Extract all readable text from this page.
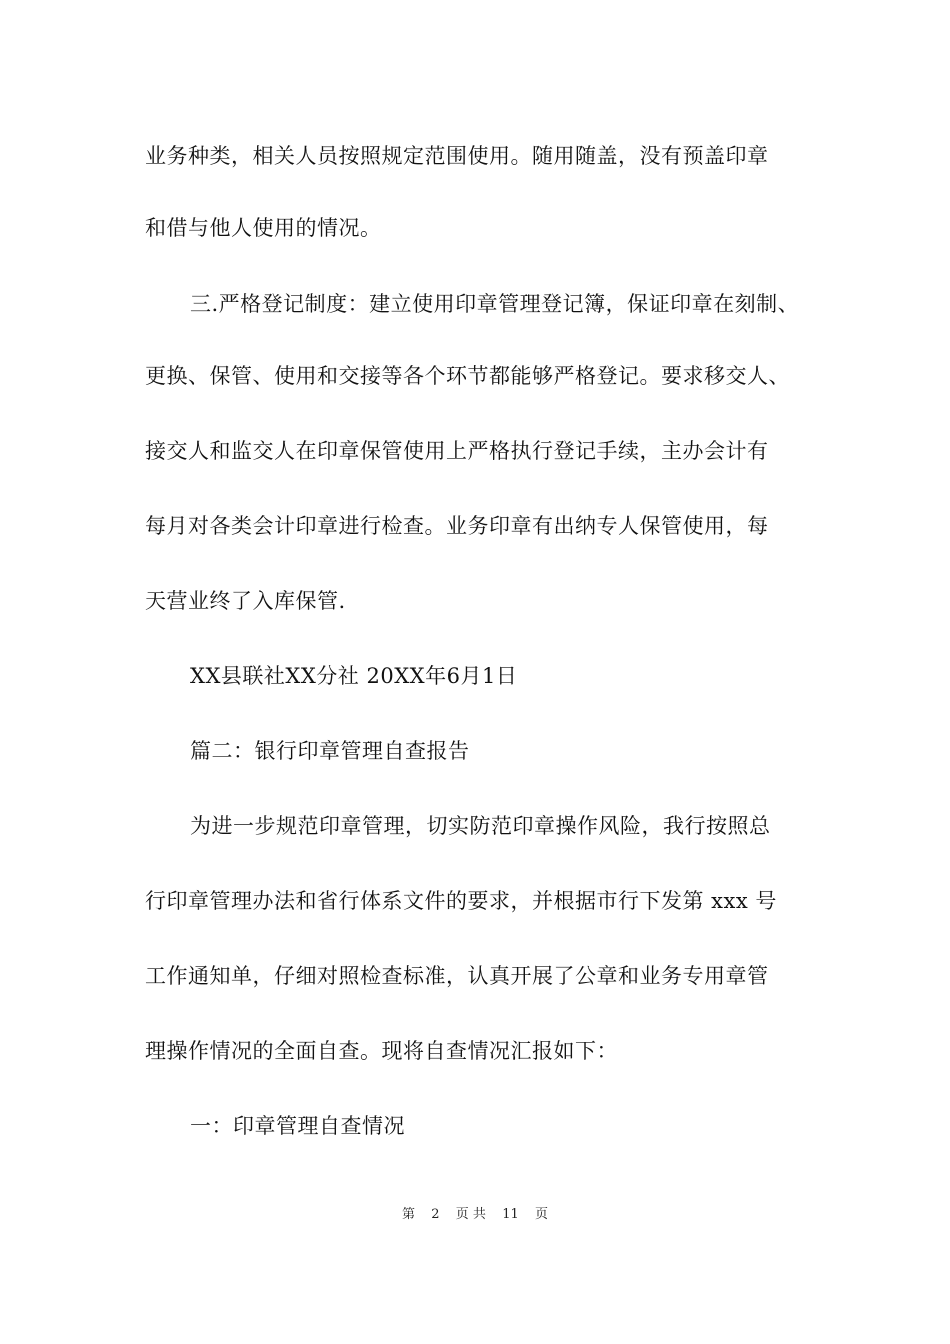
业务种类，相关人员按照规定范围使用。随用随盖，没有预盖印章
和借与他人使用的情况。
三.严格登记制度：建立使用印章管理登记簿，保证印章在刻制、
更换、保管、使用和交接等各个环节都能够严格登记。要求移交人、
接交人和监交人在印章保管使用上严格执行登记手续，主办会计有
每月对各类会计印章进行检查。业务印章有出纳专人保管使用，每
天营业终了入库保管.
XX县联社XX分社 20XX年6月1日
篇二：银行印章管理自查报告
为进一步规范印章管理，切实防范印章操作风险，我行按照总
行印章管理办法和省行体系文件的要求，并根据市行下发第 xxx 号
工作通知单，仔细对照检查标准，认真开展了公章和业务专用章管
理操作情况的全面自查。现将自查情况汇报如下：
一：印章管理自查情况
第 2 页 共 11 页
